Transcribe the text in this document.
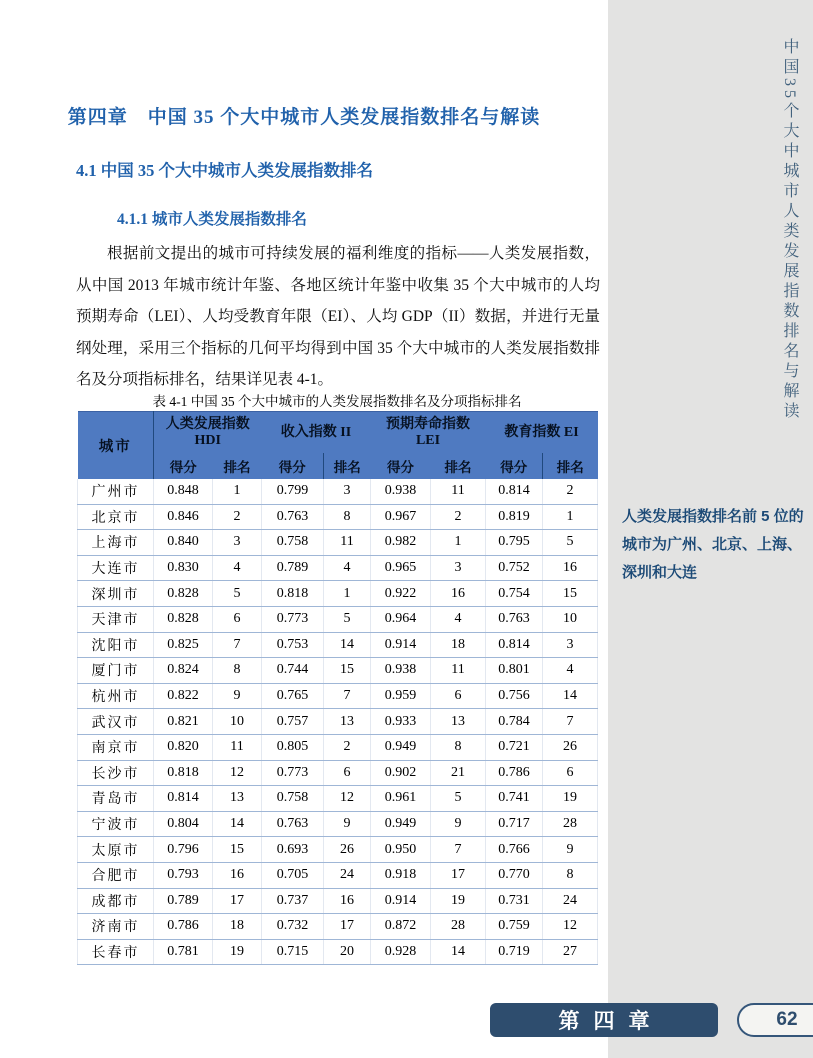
中国35个大中城市人类发展指数排名与解读
人类发展指数排名前 5 位的城市为广州、北京、上海、深圳和大连
第四章　中国 35 个大中城市人类发展指数排名与解读
4.1 中国 35 个大中城市人类发展指数排名
4.1.1 城市人类发展指数排名
根据前文提出的城市可持续发展的福利维度的指标——人类发展指数，从中国 2013 年城市统计年鉴、各地区统计年鉴中收集 35 个大中城市的人均预期寿命（LEI）、人均受教育年限（EI）、人均 GDP（II）数据，并进行无量纲处理，采用三个指标的几何平均得到中国 35 个大中城市的人类发展指数排名及分项指标排名，结果详见表 4-1。
表 4-1 中国 35 个大中城市的人类发展指数排名及分项指标排名
城市	
人类发展指数
HDI

收入指数 II

预期寿命指数
LEI

教育指数 EI

	得分	排名	得分	排名	得分	排名	得分	排名
广州市	0.848	1	0.799	3	0.938	11	0.814	2
北京市	0.846	2	0.763	8	0.967	2	0.819	1
上海市	0.840	3	0.758	11	0.982	1	0.795	5
大连市	0.830	4	0.789	4	0.965	3	0.752	16
深圳市	0.828	5	0.818	1	0.922	16	0.754	15
天津市	0.828	6	0.773	5	0.964	4	0.763	10
沈阳市	0.825	7	0.753	14	0.914	18	0.814	3
厦门市	0.824	8	0.744	15	0.938	11	0.801	4
杭州市	0.822	9	0.765	7	0.959	6	0.756	14
武汉市	0.821	10	0.757	13	0.933	13	0.784	7
南京市	0.820	11	0.805	2	0.949	8	0.721	26
长沙市	0.818	12	0.773	6	0.902	21	0.786	6
青岛市	0.814	13	0.758	12	0.961	5	0.741	19
宁波市	0.804	14	0.763	9	0.949	9	0.717	28
太原市	0.796	15	0.693	26	0.950	7	0.766	9
合肥市	0.793	16	0.705	24	0.918	17	0.770	8
成都市	0.789	17	0.737	16	0.914	19	0.731	24
济南市	0.786	18	0.732	17	0.872	28	0.759	12
长春市	0.781	19	0.715	20	0.928	14	0.719	27
第四章	62
